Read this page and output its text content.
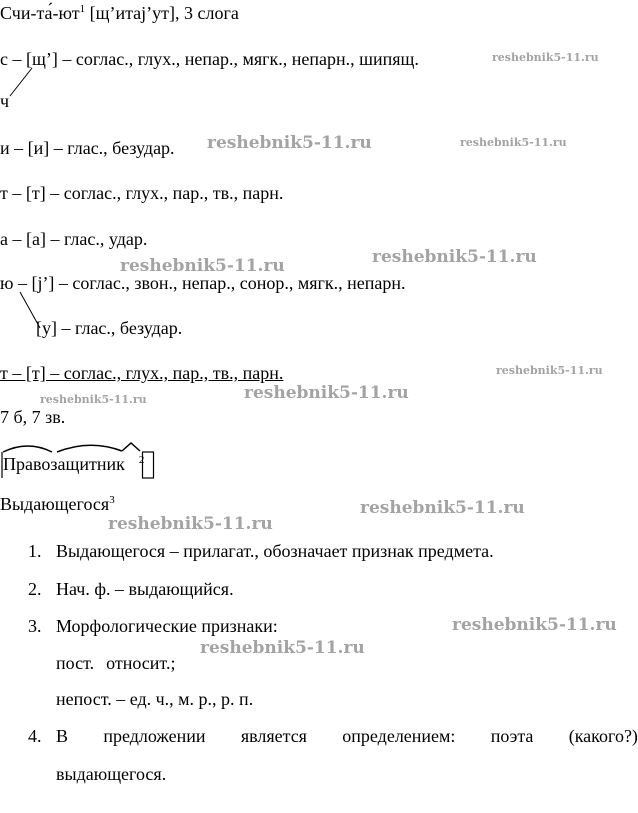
Счи-$та́-ют^1$ [щ’итаj’ут], 3 слога
с – [щ’] – соглас., глух., непар., мягк., непарн., шипящ.
ч
и – [и] – глас., безудар.
т – [т] – соглас., глух., пар., тв., парн.
а – [а] – глас., удар.
ю – [j’] – соглас., звон., непар., сонор., мягк., непарн.
[у] – глас., безудар.
т – [т] – соглас., глух., пар., тв., парн.
7 б, 7 зв.
Правозащитник $^2$
Выдающегося$^3$
1. Выдающегося – прилагат., обозначает признак предмета.
2. Нач. ф. – выдающийся.
3. Морфологические признаки:
пост. относит.;
непост. – ед. ч., м. р., р. п.
4. В предложении является определением: поэта (какого?)
выдающегося.
reshebnik5-11.ru
reshebnik5-11.ru	reshebnik5-11.ru
reshebnik5-11.ru
reshebnik5-11.ru
reshebnik5-11.ru
reshebnik5-11.ru
reshebnik5-11.ru
reshebnik5-11.ru
reshebnik5-11.ru
reshebnik5-11.ru
reshebnik5-11.ru
